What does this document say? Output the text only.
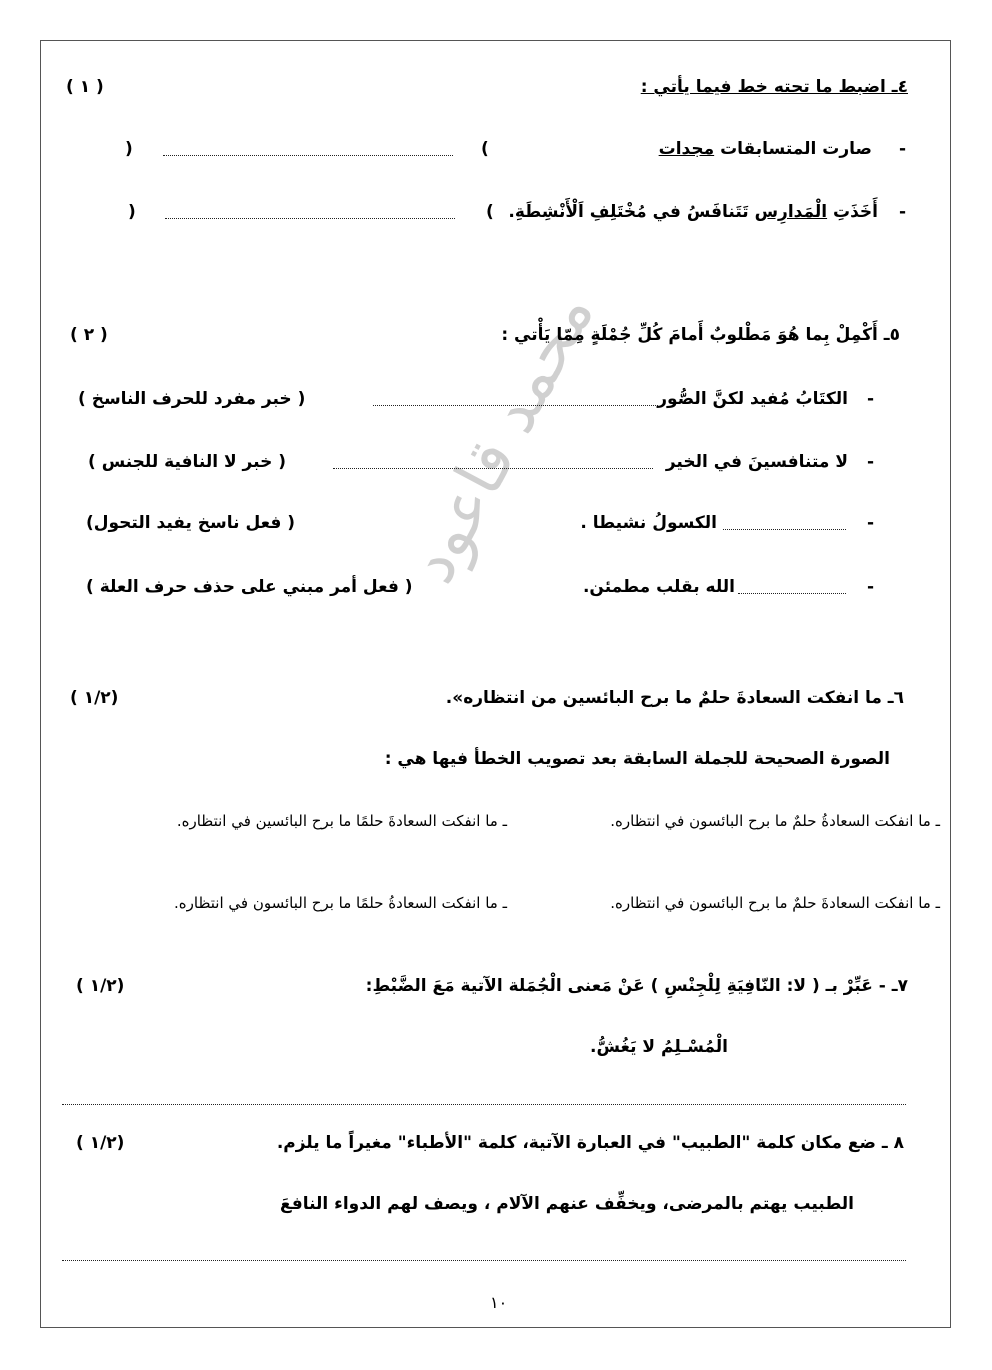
محمد قاعود
٤ـ اضبط ما تحته خط فيما يأتي :
( ١ )
-
صارت المتسابقات مجدات
(
)
-
أَخَذَتِ الْمَدارِس تَتَنافَسُ في مُخْتَلِفِ اَلْأَنْشِطَةِ.
(
)
٥ـ أَكْمِلْ بِما هُوَ مَطْلوبٌ أَمامَ كُلِّ جُمْلَةٍ مِمّا يَأْتي :
( ٢ )
-
الكتَابُ مُفيد لكنَّ الصُّور
( خبر مفرد للحرف الناسخ )
-
لا متنافسينَ في الخير
( خبر لا النافية للجنس )
-
الكسولُ نشيطا .
( فعل ناسخ يفيد التحول)
-
الله بقلب مطمئن.
( فعل أمر مبني على حذف حرف العلة )
٦ـ ما انفكت السعادةَ حلمٌ ما برح البائسين من انتظاره».
(١/٢ )
الصورة الصحيحة للجملة السابقة بعد تصويب الخطأ فيها هي :
ـ ما انفكت السعادةُ حلمٌ ما برح البائسون في انتظاره.
ـ ما انفكت السعادةَ حلمًا ما برح البائسين في انتظاره.
ـ ما انفكت السعادةَ حلمٌ ما برح البائسون في انتظاره.
ـ ما انفكت السعادةُ حلمًا ما برح البائسون في انتظاره.
٧ـ - عَبِّرْ بـ ( لا: النّافِيَةِ لِلْجِنْسِ ) عَنْ مَعنى الْجُمَلة الآتية مَعَ الضَّبْطِ:
(١/٢ )
الْمُسْـلِمُ لا يَغُشُّ.
٨ ـ ضع مكان كلمة "الطبيب" في العبارة الآتية، كلمة "الأطباء" مغيراً ما يلزم.
(١/٢ )
الطبيب يهتم بالمرضى، ويخفِّف عنهم الآلام ، ويصف لهم الدواء النافعَ
١٠
